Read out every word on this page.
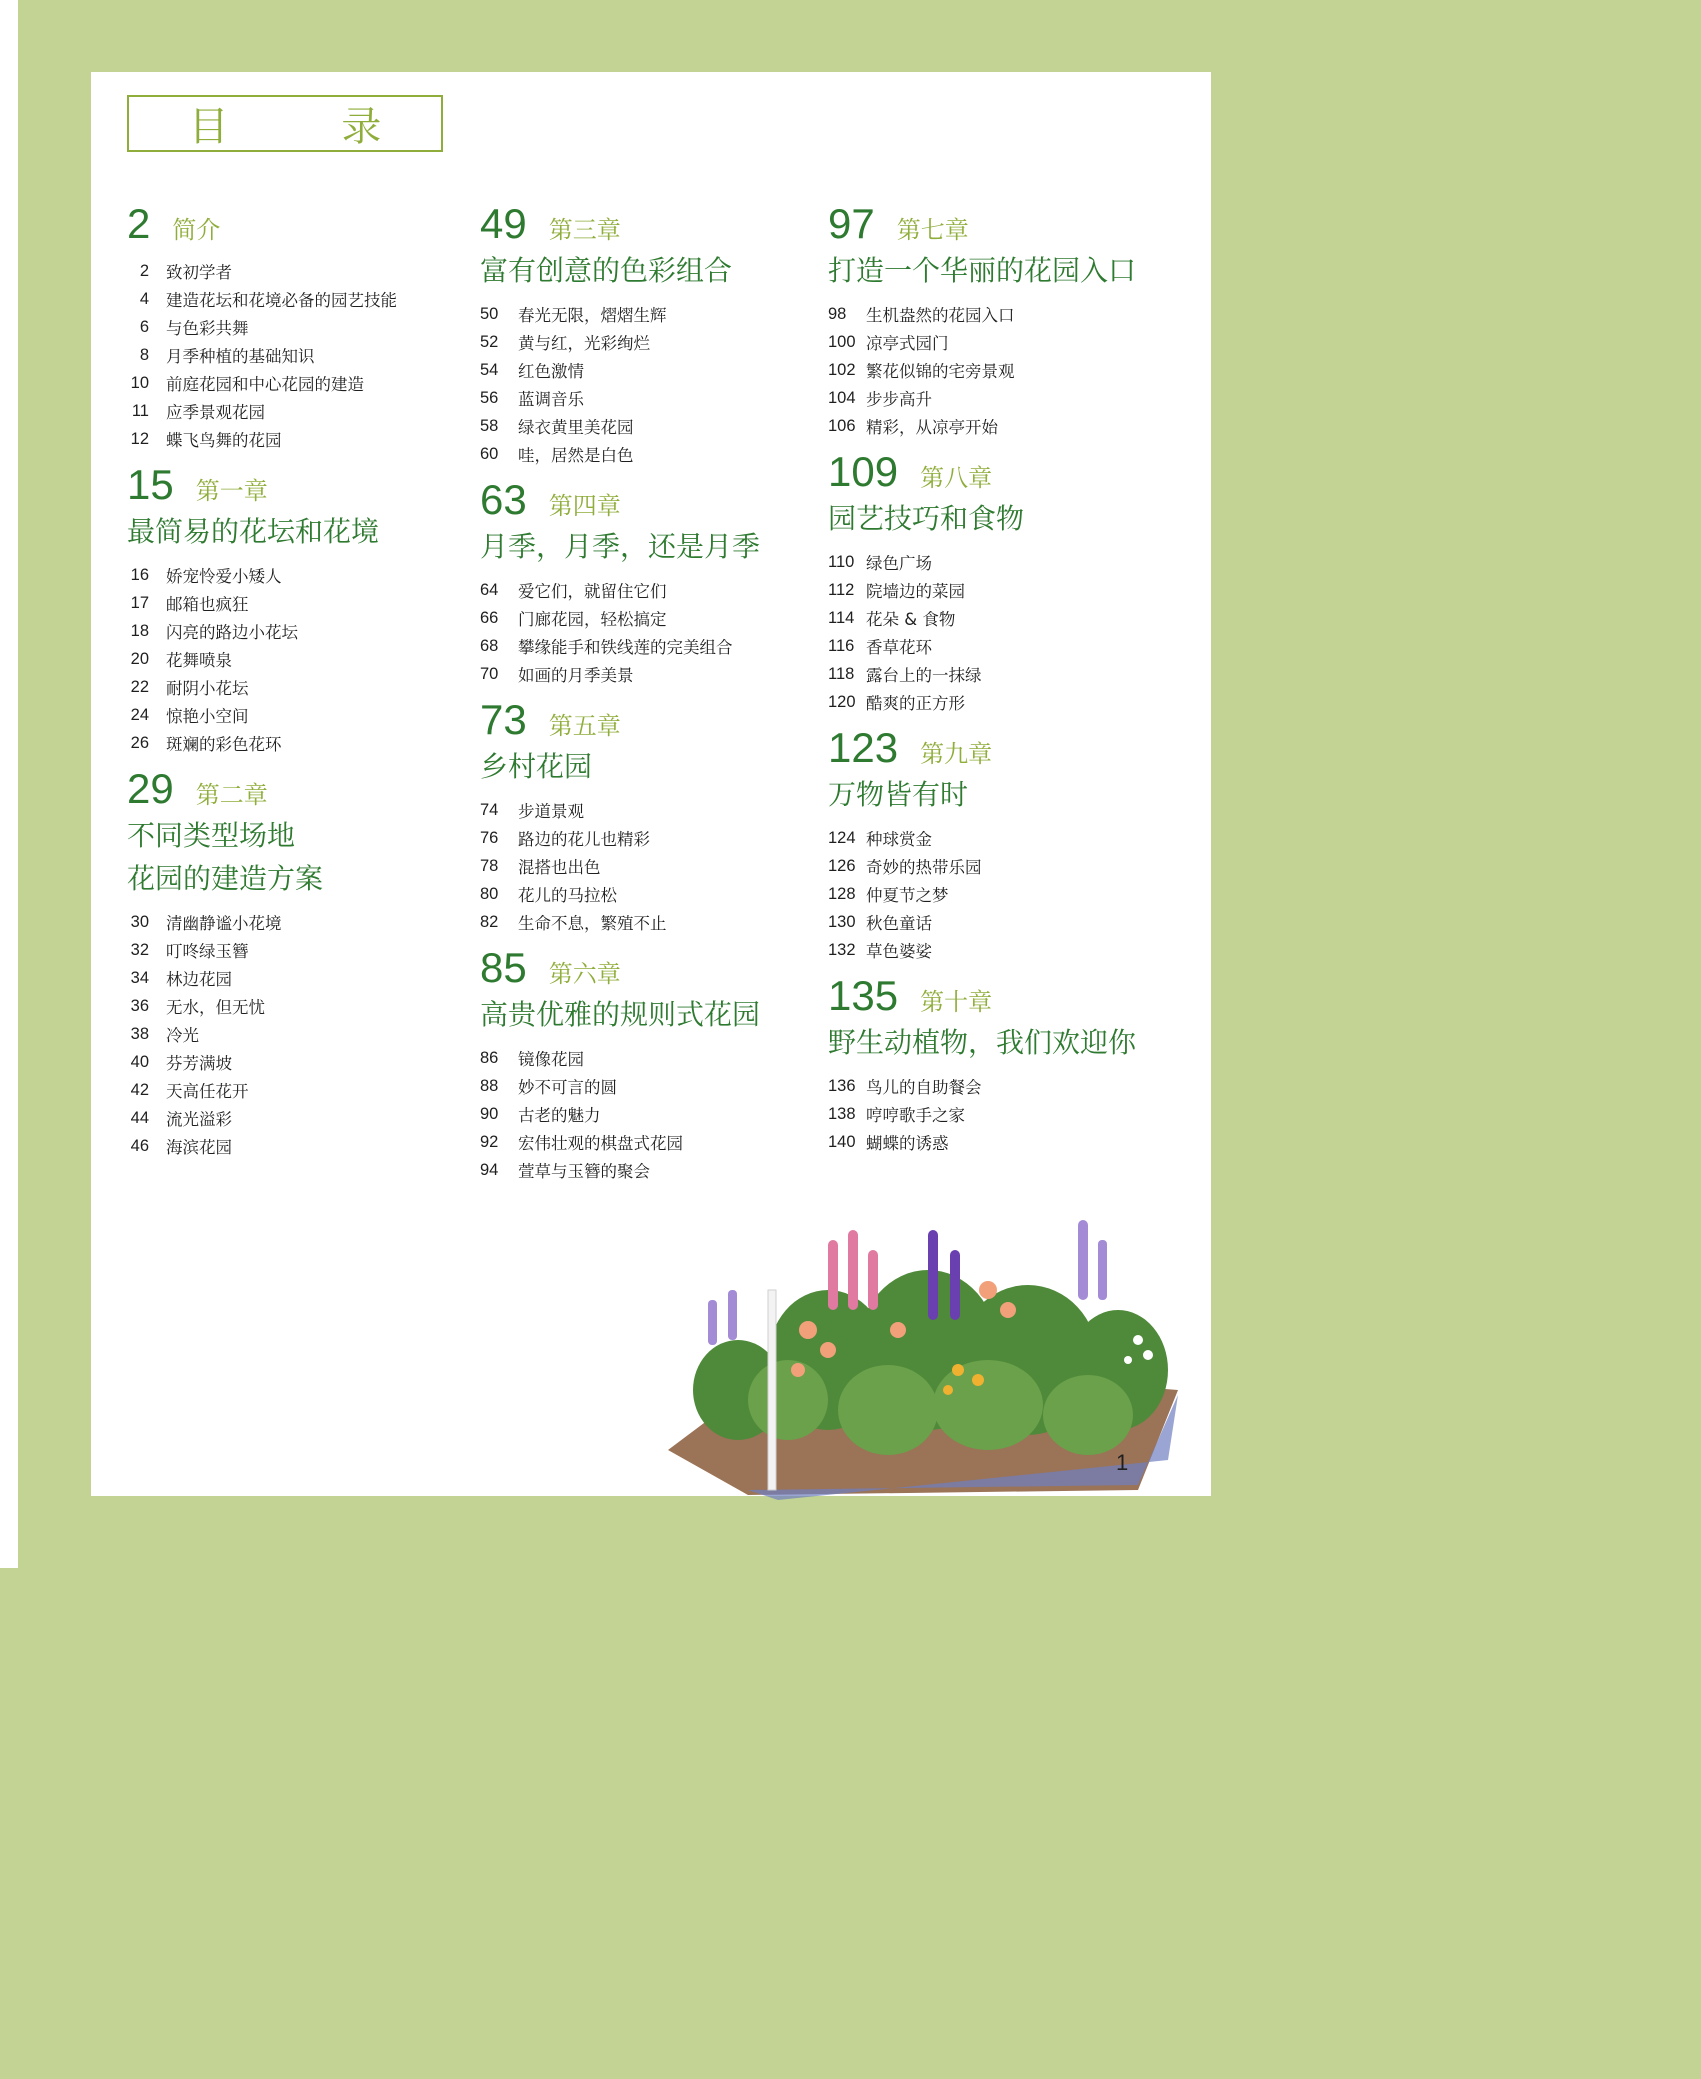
目 录
2 简介
2 致初学者
4 建造花坛和花境必备的园艺技能
6 与色彩共舞
8 月季种植的基础知识
10 前庭花园和中心花园的建造
11 应季景观花园
12 蝶飞鸟舞的花园
15 第一章
最简易的花坛和花境
16 娇宠怜爱小矮人
17 邮箱也疯狂
18 闪亮的路边小花坛
20 花舞喷泉
22 耐阴小花坛
24 惊艳小空间
26 斑斓的彩色花环
29 第二章
不同类型场地
花园的建造方案
30 清幽静谧小花境
32 叮咚绿玉簪
34 林边花园
36 无水，但无忧
38 冷光
40 芬芳满坡
42 天高任花开
44 流光溢彩
46 海滨花园
49 第三章
富有创意的色彩组合
50	春光无限，熠熠生辉
52	黄与红，光彩绚烂
54	红色激情
56	蓝调音乐
58	绿衣黄里美花园
60	哇，居然是白色
63 第四章
月季，月季，还是月季
64	爱它们，就留住它们
66	门廊花园，轻松搞定
68	攀缘能手和铁线莲的完美组合
70	如画的月季美景
73 第五章
乡村花园
74	步道景观
76	路边的花儿也精彩
78	混搭也出色
80	花儿的马拉松
82	生命不息，繁殖不止
85 第六章
高贵优雅的规则式花园
86	镜像花园
88	妙不可言的圆
90	古老的魅力
92	宏伟壮观的棋盘式花园
94	萱草与玉簪的聚会
97 第七章
打造一个华丽的花园入口
98	生机盎然的花园入口
100 凉亭式园门
102 繁花似锦的宅旁景观
104 步步高升
106 精彩，从凉亭开始
109 第八章
园艺技巧和食物
110 绿色广场
112 院墙边的菜园
114 花朵 & 食物
116 香草花环
118 露台上的一抹绿
120 酷爽的正方形
123 第九章
万物皆有时
124 种球赏金
126 奇妙的热带乐园
128 仲夏节之梦
130 秋色童话
132 草色婆娑
135 第十章
野生动植物，我们欢迎你
136 鸟儿的自助餐会
138 哼哼歌手之家
140 蝴蝶的诱惑
1
